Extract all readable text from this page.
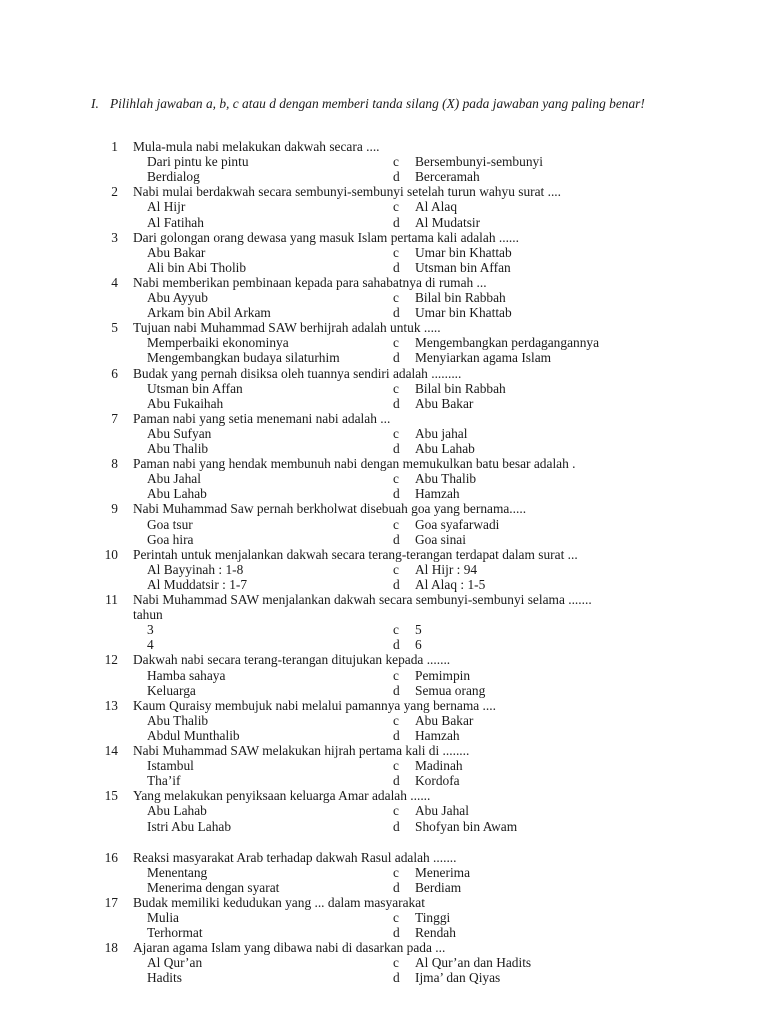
I. Pilihlah jawaban a, b, c atau d dengan memberi tanda silang (X) pada jawaban yang paling benar!
1 Mula-mula nabi melakukan dakwah secara ....
Dari pintu ke pintu	c Bersembunyi-sembunyi
Berdialog	d Berceramah
2 Nabi mulai berdakwah secara sembunyi-sembunyi setelah turun wahyu surat ....
Al Hijr	c Al Alaq
Al Fatihah	d Al Mudatsir
3 Dari golongan orang dewasa yang masuk Islam pertama kali adalah ......
Abu Bakar	c Umar bin Khattab
Ali bin Abi Tholib	d Utsman bin Affan
4 Nabi memberikan pembinaan kepada para sahabatnya di rumah ...
Abu Ayyub	c Bilal bin Rabbah
Arkam bin Abil Arkam	d Umar bin Khattab
5 Tujuan nabi Muhammad SAW berhijrah adalah untuk .....
Memperbaiki ekonominya	c Mengembangkan perdagangannya
Mengembangkan budaya silaturhim	d Menyiarkan agama Islam
6 Budak yang pernah disiksa oleh tuannya sendiri adalah .........
Utsman bin Affan	c Bilal bin Rabbah
Abu Fukaihah	d Abu Bakar
7 Paman nabi yang setia menemani nabi adalah ...
Abu Sufyan	c Abu jahal
Abu Thalib	d Abu Lahab
8 Paman nabi yang hendak membunuh nabi dengan memukulkan batu besar adalah .
Abu Jahal	c Abu Thalib
Abu Lahab	d Hamzah
9 Nabi Muhammad Saw pernah berkholwat disebuah goa yang bernama.....
Goa tsur	c Goa syafarwadi
Goa hira	d Goa sinai
10 Perintah untuk menjalankan dakwah secara terang-terangan terdapat dalam surat ...
Al Bayyinah : 1-8	c Al Hijr : 94
Al Muddatsir : 1-7	d Al Alaq : 1-5
11 Nabi Muhammad SAW menjalankan dakwah secara sembunyi-sembunyi selama .......
tahun
3	c 5
4	d 6
12 Dakwah nabi secara terang-terangan ditujukan kepada .......
Hamba sahaya	c Pemimpin
Keluarga	d Semua orang
13 Kaum Quraisy membujuk nabi melalui pamannya yang bernama ....
Abu Thalib	c Abu Bakar
Abdul Munthalib	d Hamzah
14 Nabi Muhammad SAW melakukan hijrah pertama kali di ........
Istambul	c Madinah
Tha’if	d Kordofa
15 Yang melakukan penyiksaan keluarga Amar adalah ......
Abu Lahab	c Abu Jahal
Istri Abu Lahab	d Shofyan bin Awam
16 Reaksi masyarakat Arab terhadap dakwah Rasul adalah .......
Menentang	c Menerima
Menerima dengan syarat	d Berdiam
17 Budak memiliki kedudukan yang ... dalam masyarakat
Mulia	c Tinggi
Terhormat	d Rendah
18 Ajaran agama Islam yang dibawa nabi di dasarkan pada ...
Al Qur’an	c Al Qur’an dan Hadits
Hadits	d Ijma’ dan Qiyas
